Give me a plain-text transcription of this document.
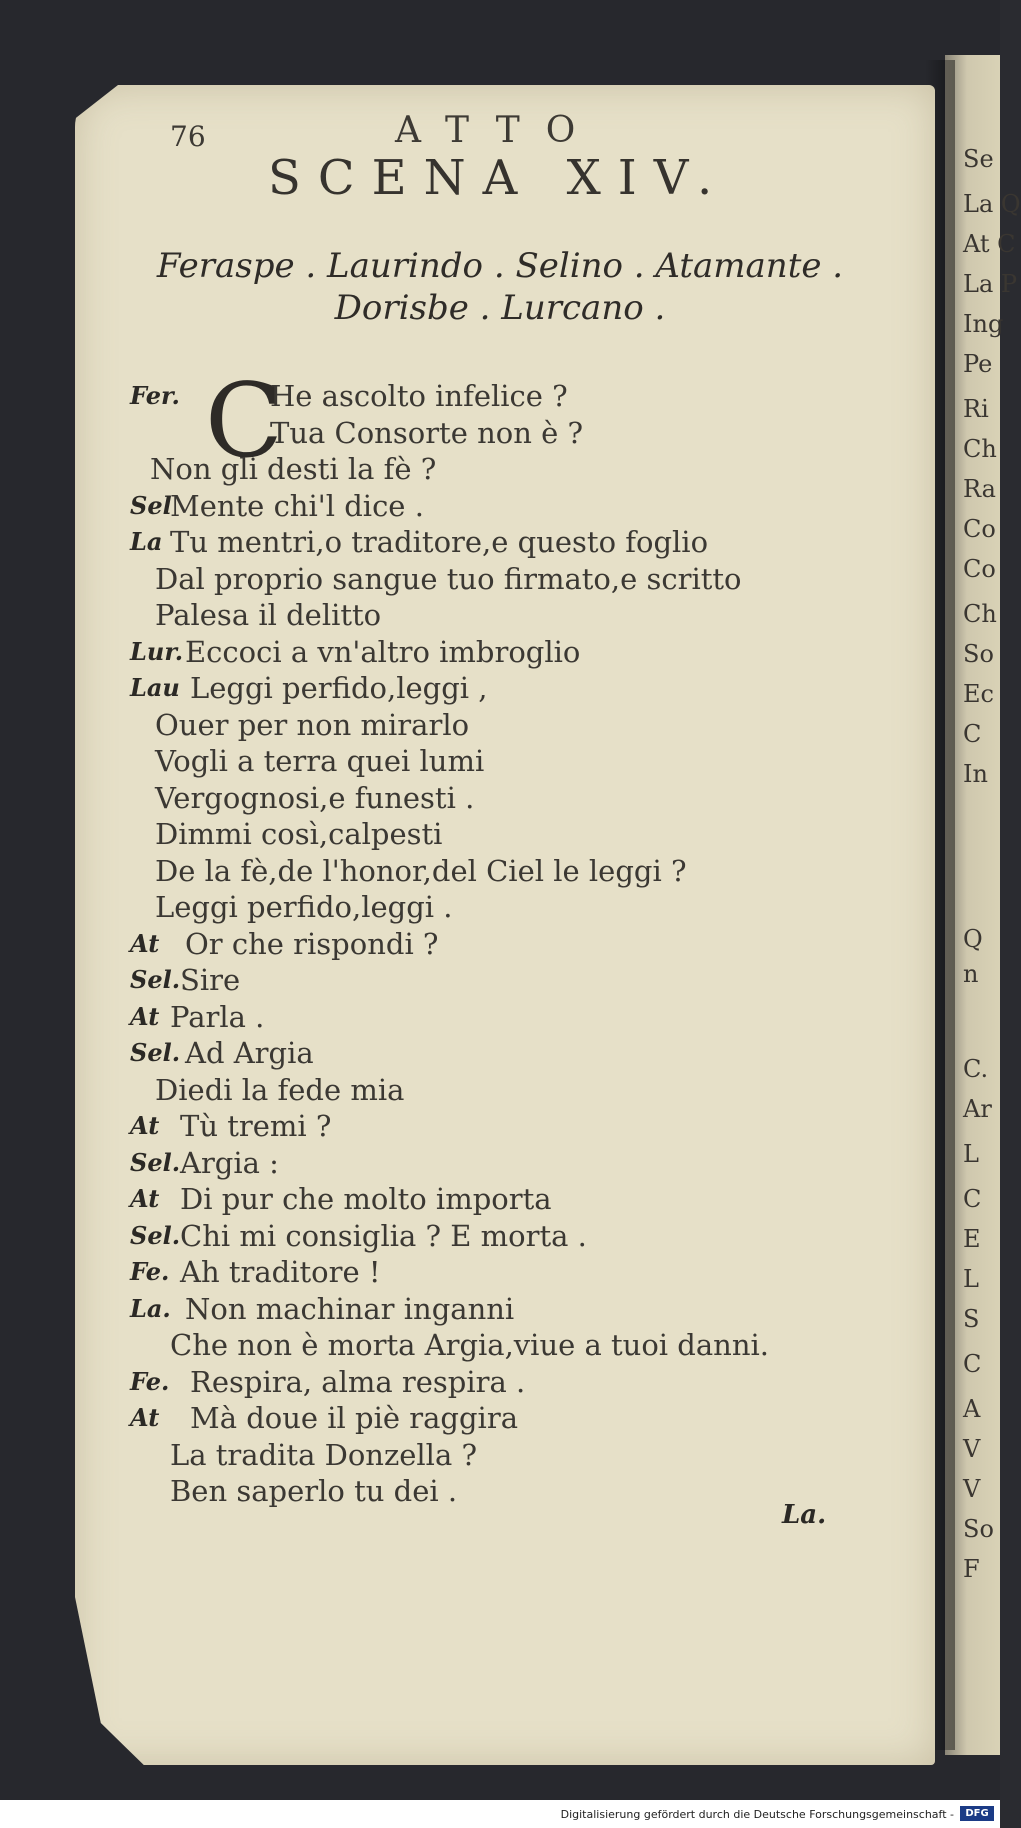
Se
La Q
At C
La P
Ing
Pe
Ri
Ch
Ra
Co
Co
Ch
So
Ec
C
In
Q
n
C.
Ar
L
C
E
L
S
C
A
V
V
So
F
76	ATTO
SCENA XIV.
Feraspe . Laurindo . Selino . Atamante .
Dorisbe . Lurcano .
C
Fer.	He ascolto infelice ?
Tua Consorte non è ?
Non gli desti la fè ?
Sel
Mente chi'l dice .
La Tu mentri,o traditore,e questo foglio
Dal proprio sangue tuo firmato,e scritto
Palesa il delitto
Lur. Eccoci a vn'altro imbroglio
Lau Leggi perfido,leggi ,
Ouer per non mirarlo
Vogli a terra quei lumi
Vergognosi,e funesti .
Dimmi così,calpesti
De la fè,de l'honor,del Ciel le leggi ?
Leggi perfido,leggi .
At Or che rispondi ?
Sel. Sire
At Parla .
Sel. Ad Argia
Diedi la fede mia
At Tù tremi ?
Sel. Argia :
At Di pur che molto importa
Sel. Chi mi consiglia ? E morta .
Fe. Ah traditore !
La. Non machinar inganni
Che non è morta Argia,viue a tuoi danni.
Fe. Respira, alma respira .
At Mà doue il piè raggira
La tradita Donzella ?
Ben saperlo tu dei .
La.
Digitalisierung gefördert durch die Deutsche Forschungsgemeinschaft -	DFG
